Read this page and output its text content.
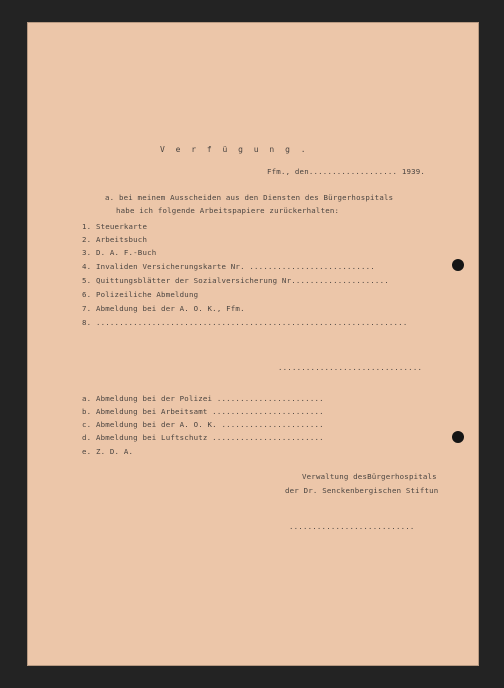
V e r f ü g u n g .
Ffm., den................... 1939.
a. bei meinem Ausscheiden aus den Diensten des Bürgerhospitals
habe ich folgende Arbeitspapiere zurückerhalten:
1. Steuerkarte
2. Arbeitsbuch
3. D. A. F.-Buch
4. Invaliden Versicherungskarte Nr. ...........................
5. Quittungsblätter der Sozialversicherung Nr.....................
6. Polizeiliche Abmeldung
7. Abmeldung bei der A. O. K., Ffm.
8. ...................................................................
...............................
a. Abmeldung bei der Polizei .......................
b. Abmeldung bei Arbeitsamt ........................
c. Abmeldung bei der A. O. K. ......................
d. Abmeldung bei Luftschutz ........................
e. Z. D. A.
Verwaltung desBürgerhospitals
der Dr. Senckenbergischen Stiftun
...........................
